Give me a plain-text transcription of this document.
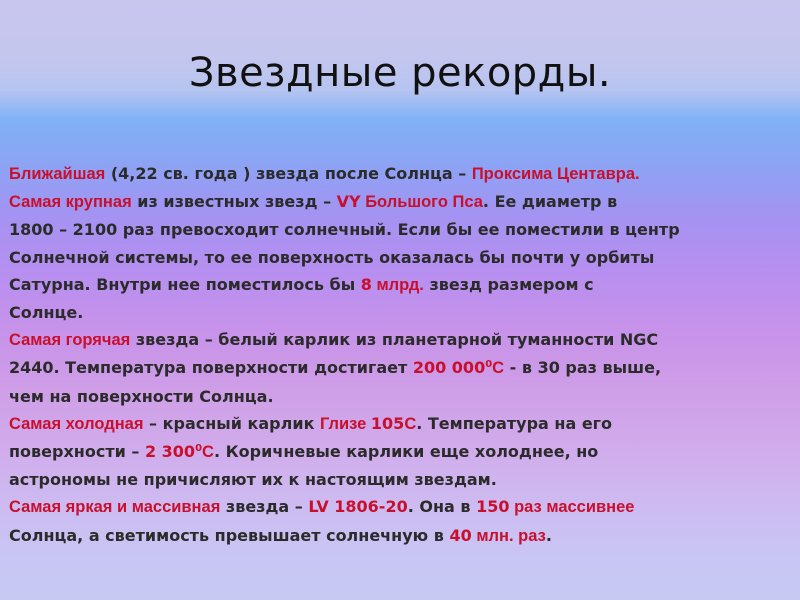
Звездные рекорды.
Ближайшая (4,22 св. года ) звезда после Солнца – Проксима Центавра.
Самая крупная из известных звезд – VY Большого Пса. Ее диаметр в
1800 – 2100 раз превосходит солнечный. Если бы ее поместили в центр
Солнечной системы, то ее поверхность оказалась бы почти у орбиты
Сатурна. Внутри нее поместилось бы 8 млрд. звезд размером с
Солнце.
Самая горячая звезда – белый карлик из планетарной туманности NGC
2440. Температура поверхности достигает 200 $000^0С$ - в 30 раз выше,
чем на поверхности Солнца.
Самая холодная – красный карлик Глизе 105С. Температура на его
поверхности – 2 $300^0С$. Коричневые карлики еще холоднее, но
астрономы не причисляют их к настоящим звездам.
Самая яркая и массивная звезда – LV 1806-20. Она в 150 раз массивнее
Солнца, а светимость превышает солнечную в 40 млн. раз.
